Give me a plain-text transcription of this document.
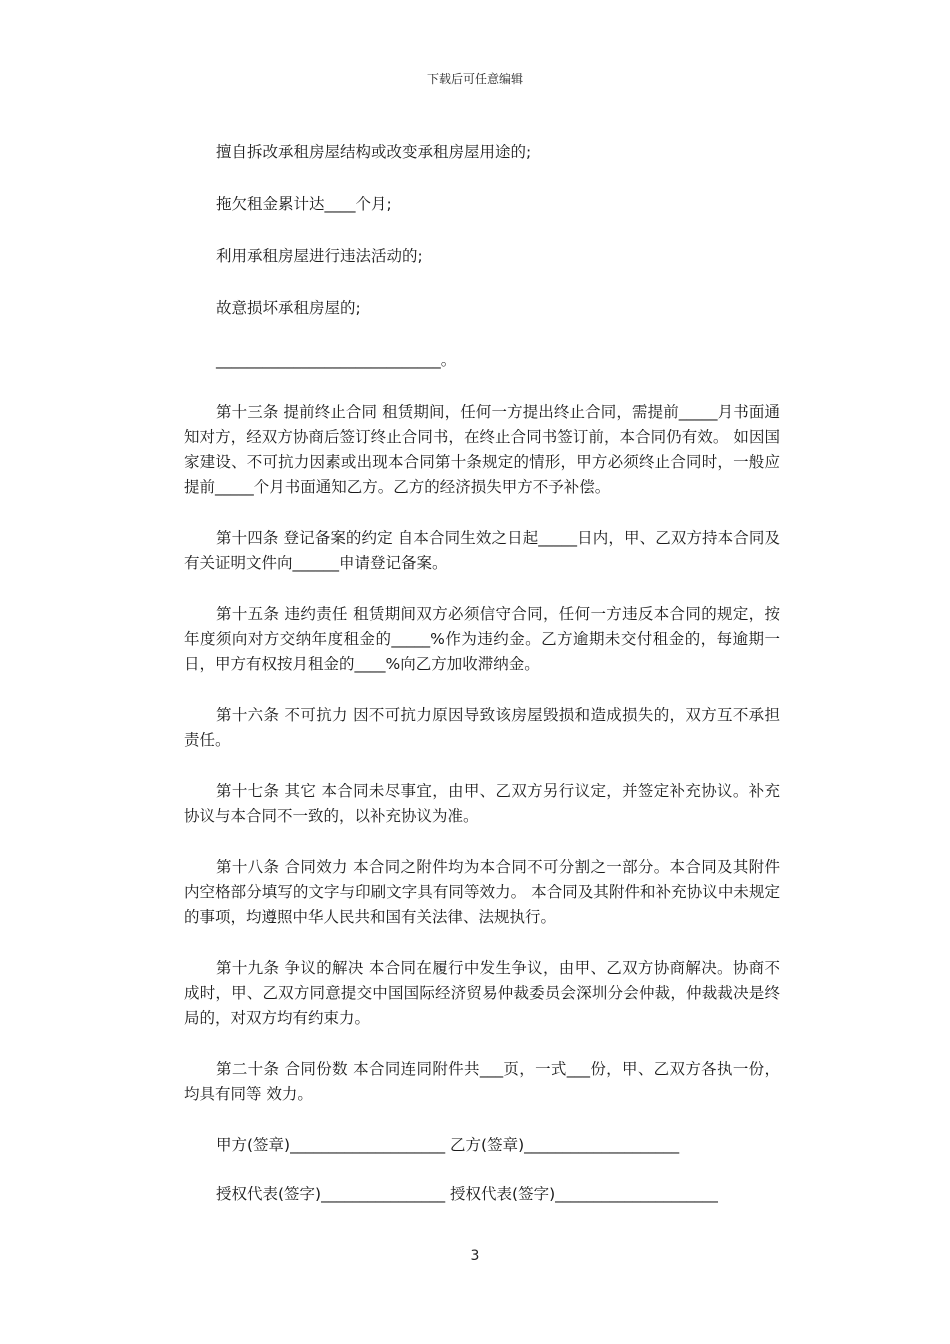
下载后可任意编辑

擅自拆改承租房屋结构或改变承租房屋用途的;

拖欠租金累计达____个月;

利用承租房屋进行违法活动的;

故意损坏承租房屋的;

_____________________________。

第十三条 提前终止合同 租赁期间，任何一方提出终止合同，需提前_____月书面通知对方，经双方协商后签订终止合同书，在终止合同书签订前，本合同仍有效。 如因国家建设、不可抗力因素或出现本合同第十条规定的情形，甲方必须终止合同时，一般应提前_____个月书面通知乙方。乙方的经济损失甲方不予补偿。

第十四条 登记备案的约定 自本合同生效之日起_____日内，甲、乙双方持本合同及有关证明文件向______申请登记备案。

第十五条 违约责任 租赁期间双方必须信守合同，任何一方违反本合同的规定，按年度须向对方交纳年度租金的_____%作为违约金。乙方逾期未交付租金的，每逾期一日，甲方有权按月租金的____%向乙方加收滞纳金。

第十六条 不可抗力 因不可抗力原因导致该房屋毁损和造成损失的，双方互不承担责任。

第十七条 其它 本合同未尽事宜，由甲、乙双方另行议定，并签定补充协议。补充协议与本合同不一致的，以补充协议为准。

第十八条 合同效力 本合同之附件均为本合同不可分割之一部分。本合同及其附件内空格部分填写的文字与印刷文字具有同等效力。 本合同及其附件和补充协议中未规定的事项，均遵照中华人民共和国有关法律、法规执行。

第十九条 争议的解决 本合同在履行中发生争议，由甲、乙双方协商解决。协商不成时，甲、乙双方同意提交中国国际经济贸易仲裁委员会深圳分会仲裁，仲裁裁决是终局的，对双方均有约束力。

第二十条 合同份数 本合同连同附件共___页，一式___份，甲、乙双方各执一份，均具有同等 效力。

甲方(签章)____________________ 乙方(签章)____________________

授权代表(签字)________________ 授权代表(签字)_____________________

3
